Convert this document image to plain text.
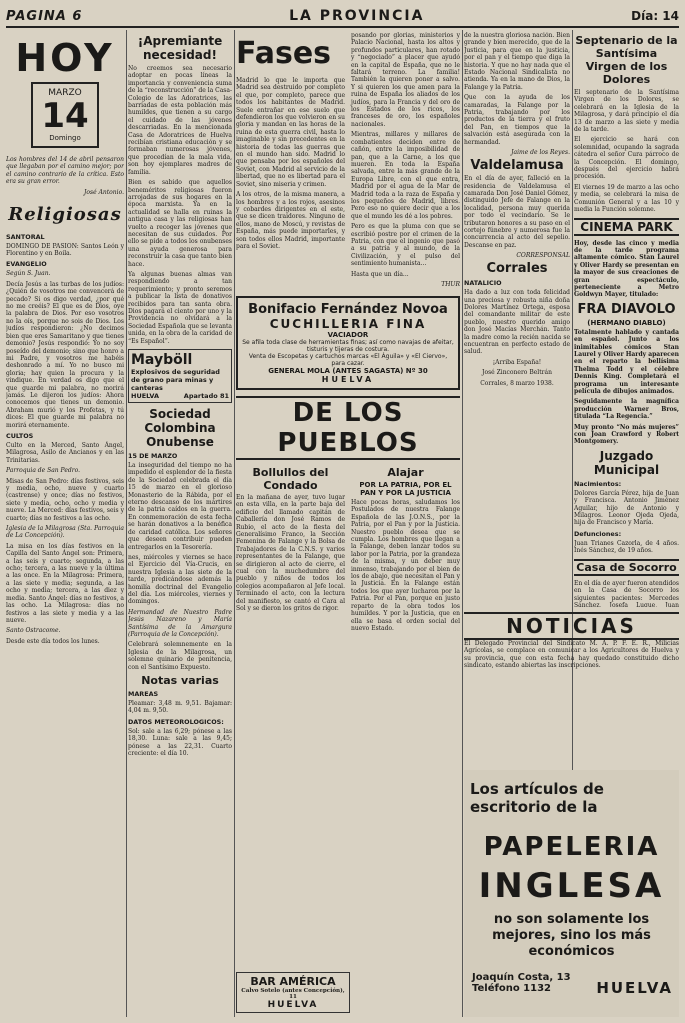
PAGINA 6	LA PROVINCIA	Día: 14
HOY
MARZO
14
Domingo

Los hombres del 14 de abril pensaron que llegaban por el camino mejor; por el camino contrario de la crítica. Esto era su gran error.

José Antonio.
Religiosas
SANTORAL

DOMINGO DE PASION: Santos León y Florentino y en Boila.

EVANGELIO

Según S. Juan.

Decía Jesús a las turbas de los judíos: ¿Quién de vosotros me convencerá de pecado? Si os digo verdad, ¿por qué no me creéis? El que es de Dios, oye la palabra de Dios. Por eso vosotros no la oís, porque no sois de Dios. Los judíos respondieron: ¿No decimos bien que eres Samaritano y que tienes demonio? Jesús respondió: Yo no soy poseído del demonio; sino que honro a mi Padre, y vosotros me habéis deshonrado a mí. Yo no busco mi gloria; hay quien la procura y la vindique. En verdad os digo que el que guarde mi palabra, no morirá jamás. Le dijeron los judíos: Ahora conocemos que tienes un demonio. Abraham murió y los Profetas, y tú dices: El que guarde mi palabra no morirá eternamente.

CULTOS

Culto en la Merced, Santo Ángel, Milagrosa, Asilo de Ancianos y en las Trinitarias.

Parroquia de San Pedro.

Misas de San Pedro: días festivos, seis y media, ocho, nueve y cuarto (castrense) y once; días no festivos, siete y media, ocho, ocho y media y nueve. La Merced: días festivos, seis y cuarto; días no festivos a las ocho.

Iglesia de la Milagrosa (Sta. Parroquia de La Concepción).

La misa en los días festivos en la Capilla del Santo Ángel son: Primera, a las seis y cuarto; segunda, a las ocho; tercera, a las nueve y la última a las once. En la Milagrosa: Primera, a las siete y media; segunda, a las ocho y media; tercera, a las diez y media. Santo Ángel: días no festivos, a las ocho. La Milagrosa: días no festivos a las siete y media y a las nueve.

Santo Ostracome.

Desde este día todos los lunes.

¡Apremiante necesidad!

No creemos sea necesario adoptar en pocas líneas la importancia y conveniencia suma de la “reconstrucción” de la Casa-Colegio de las Adoratrices, las barriadas de esta población más humildes, que tienen a su cargo el cuidado de las jóvenes descarriadas. En la mencionada Casa de Adoratrices de Huelva recibían cristiana educación y se formaban numerosas jóvenes, que procedían de la mala vida, son hoy ejemplares madres de familia.

Bien es sabido que aquellos beneméritos religiosas fueron arrojadas de sus hogares en la época marxista. Ya en la actualidad se halla en ruinas la antigua casa y las religiosas han vuelto a recoger las jóvenes que necesitan de sus cuidados. Por ello se pide a todos los onubenses una ayuda generosa para reconstruir la casa que tanto bien hace.

Ya algunas buenas almas van respondiendo a tan requerimiento; y pronto seremos a publicar la lista de donativos recibidos para tan santa obra. Dios pagará el ciento por uno y la Providencia no olvidará a la Sociedad Española que se levanta unida, en la obra de la caridad de “Es Español”.

Mayböll
Explosivos de seguridad de grano para minas y canteras
HUELVA	Apartado 81
Sociedad Colombina Onubense
15 DE MARZO

La inseguridad del tiempo no ha impedido el esplendor de la fiesta de la Sociedad celebrada el día 15 de marzo en el glorioso Monasterio de la Rábida, por el eterno descanso de los mártires de la patria caídos en la guerra. En conmemoración de esta fecha se harán donativos a la benéfica de caridad católica. Los señores que deseen contribuir pueden entregarlos en la Tesorería.

nes, miércoles y viernes se hace el Ejercicio del Vía-Crucis, en nuestra Iglesia a las siete de la tarde, predicándose además la homilía doctrinal del Evangelio del día. Los miércoles, viernes y domingos.

Hermandad de Nuestro Padre Jesús Nazareno y María Santísima de la Amargura (Parroquia de la Concepción).

Celebrará solemnemente en la Iglesia de la Milagrosa, un solemne quinario de penitencia, con el Santísimo Expuesto.

Notas varias
MAREAS

Pleamar: 3,48 m. 9,51. Bajamar: 4,04 m. 9,50.

DATOS METEOROLOGICOS:

Sol: sale a las 6,29; pónese a las 18,30. Luna: sale a las 9,45; pónese a las 22,31. Cuarto creciente: el día 10.

Fases

Madrid lo que le importa que Madrid sea destruido por completo el que, por completo, parece que todos los habitantes de Madrid. Suele entrañar en ese suelo que defendieron los que volvieron en su gloria y mandan en las horas de la ruina de esta guerra civil, hasta lo imaginable y sin precedentes en la historia de todas las guerras que en el mundo han sido. Madrid lo que pensaba por los españoles del Soviet, con Madrid al servicio de la libertad, que no es libertad para el Soviet, sino miseria y crimen.

A los otros, de la misma manera, a los hombres y a los rojos, asesinos y cobardes dirigentes en el este, que se dicen traidores. Ninguno de ellos, mano de Moscú, y revistas de España, más puede importarles, y son todos ellos Madrid, importante para el Soviet.

posando por glorias, ministerios y Palacio Nacional, hasta los altos y profundos particulares, han rotado y “negociado” a placer que ayudó en la capital de España, que no le faltará terreno. La familia! También la quieren poner a salvo. Y si quieren los que amen para la ruina de España los aliados de los judíos, para la Francia y del oro de los Estados de los ricos, los franceses de oro, los españoles nacionales.

Mientras, millares y millares de combatientes deciden entre de cañón, entre la imposibilidad de pan, que a la Carne, a los que mueren. En toda la España salvada, entre la más grande de la Europa Libre, con el que entra, Madrid por el agua de la Mar de Madrid toda a la raza de España y los pequeños de Madrid, libres. Pero eso no quiere decir que a los que el mundo les dé a los pobres.

Pero es que la pluma con que se escribió postre por el crimen de la Patria, con que el ingenio que pasó a su patria y al mundo, de la Civilización, y el pulso del sentimiento humanista...

Hasta que un día...

THUR
Bonifacio Fernández Novoa
CUCHILLERIA FINA
VACIADOR
Se afila toda clase de herramientas finas; así como navajas de afeitar, tisturis y tijeras de costura.
Venta de Escopetas y cartuchos marcas «El Águila» y «El Ciervo», para cazar.
GENERAL MOLA (ANTES SAGASTA) Nº 30
HUELVA
DE LOS PUEBLOS
Bollullos del Condado

En la mañana de ayer, tuvo lugar en esta villa, en la parte baja del edificio del llamado capitán de Caballería don José Ramos de Rubio, el acto de la fiesta del Generalísimo Franco, la Sección Femenina de Falange y la Bolsa de Trabajadores de la C.N.S. y varios representantes de la Falange, que se dirigieron al acto de cierre, el cual con la muchedumbre del pueblo y niños de todos los colegios acompañaron al Jefe local. Terminado el acto, con la lectura del manifiesto, se cantó el Cara al Sol y se dieron los gritos de rigor.

Alajar
POR LA PATRIA, POR EL PAN Y POR LA JUSTICIA

Hace pocas horas, saludamos los Postulados de nuestra Falange Española de las J.O.N.S., por la Patria, por el Pan y por la Justicia. Nuestro pueblo desea que se cumpla. Los hombres que llegan a la Falange, deben lanzar todos su labor por la Patria, por la grandeza de la misma, y un deber muy inmenso, trabajando por el bien de los de abajo, que necesitan el Pan y la Justicia. En la Falange están todos los que ayer lucharon por la Patria. Por el Pan, porque en justo reparto de la obra todos los humildes. Y por la Justicia, que en ella se basa el orden social del nuevo Estado.

BAR AMÉRICA
Calvo Sotelo (antes Concepción), 11
HUELVA

de la nuestra gloriosa nación. Bien grande y bien merecido, que de la Justicia, para que en la justicia, por el pan y el tiempo que diga la historia. Y que no hay nada que el Estado Nacional Sindicalista no atienda. Ya en la mano de Dios, la Falange y la Patria.

Que con la ayuda de los camaradas, la Falange por la Patria, trabajando por los productos de la tierra y el fruto del Pan, en tiempos que la salvación está asegurada con la hermandad.

Jaime de los Reyes.
Valdelamusa

En el día de ayer, falleció en la residencia de Valdelamusa el camarada Don José Daniel Gómez, distinguido Jefe de Falange en la localidad, persona muy querida por todo el vecindario. Se le tributaron honores a su paso en el cortejo fúnebre y numerosa fue la concurrencia al acto del sepelio. Descanse en paz.

CORRESPONSAL
Corrales
NATALICIO

Ha dado a luz con toda felicidad una preciosa y robusta niña doña Dolores Martínez Ortega, esposa del comandante militar de este pueblo, nuestro querido amigo don José Macías Merchán. Tanto la madre como la recién nacida se encuentran en perfecto estado de salud.

¡Arriba España!
José Zinconero Beltrán
Corrales, 8 marzo 1938.
NOTICIAS

El Delegado Provincial del Sindicato M. A. P. F. E. R., Milicias Agrícolas, se complace en comunicar a los Agricultores de Huelva y su provincia, que con esta fecha hay quedado constituido dicho sindicato, estando abiertas las inscripciones.

Septenario de la Santísima Virgen de los Dolores

El septenario de la Santísima Virgen de los Dolores, se celebrará en la Iglesia de la Milagrosa, y dará principio el día 13 de marzo a las siete y media de la tarde.

El ejercicio se hará con solemnidad, ocupando la sagrada cátedra el señor Cura párroco de la Concepción. El domingo, después del ejercicio habrá procesión.

El viernes 19 de marzo a las ocho y media, se celebrará la misa de Comunión General y a las 10 y media la Función solemne.

CINEMA PARK

Hoy, desde las cinco y media de la tarde programa altamente cómico. Stan Laurel y Oliver Hardy se presentan en la mayor de sus creaciones de gran espectáculo, perteneciente a Metro Goldwyn Mayer, titulado:

FRA DIAVOLO
(HERMANO DIABLO)

Totalmente hablado y cantada en español. Junto a los inimitables cómicos Stan Laurel y Oliver Hardy aparecen en el reparto la bellísima Thelma Todd y el célebre Dennis King. Completará el programa un interesante película de dibujos animados.

Seguidamente la magnífica producción Warner Bros, titulada “La Regencia.”

Muy pronto “No más mujeres” con Joan Crawford y Robert Montgomery.

Juzgado Municipal
Nacimientos:

Dolores García Pérez, hija de Juan y Francisca. Antonio Jiménez Aguilar, hijo de Antonio y Milagros. Leonor Ojeda Ojeda, hija de Francisco y María.

Defunciones:

Juan Trianes Cazorla, de 4 años. Inés Sánchez, de 19 años.

Casa de Socorro

En el día de ayer fueron atendidos en la Casa de Socorro los siguientes pacientes: Mercedes Sánchez, Josefa Luque, Juan

Los artículos de escritorio de la
PAPELERIA
INGLESA
no son solamente los mejores, sino los más económicos
Joaquín Costa, 13
Teléfono 1132	HUELVA
